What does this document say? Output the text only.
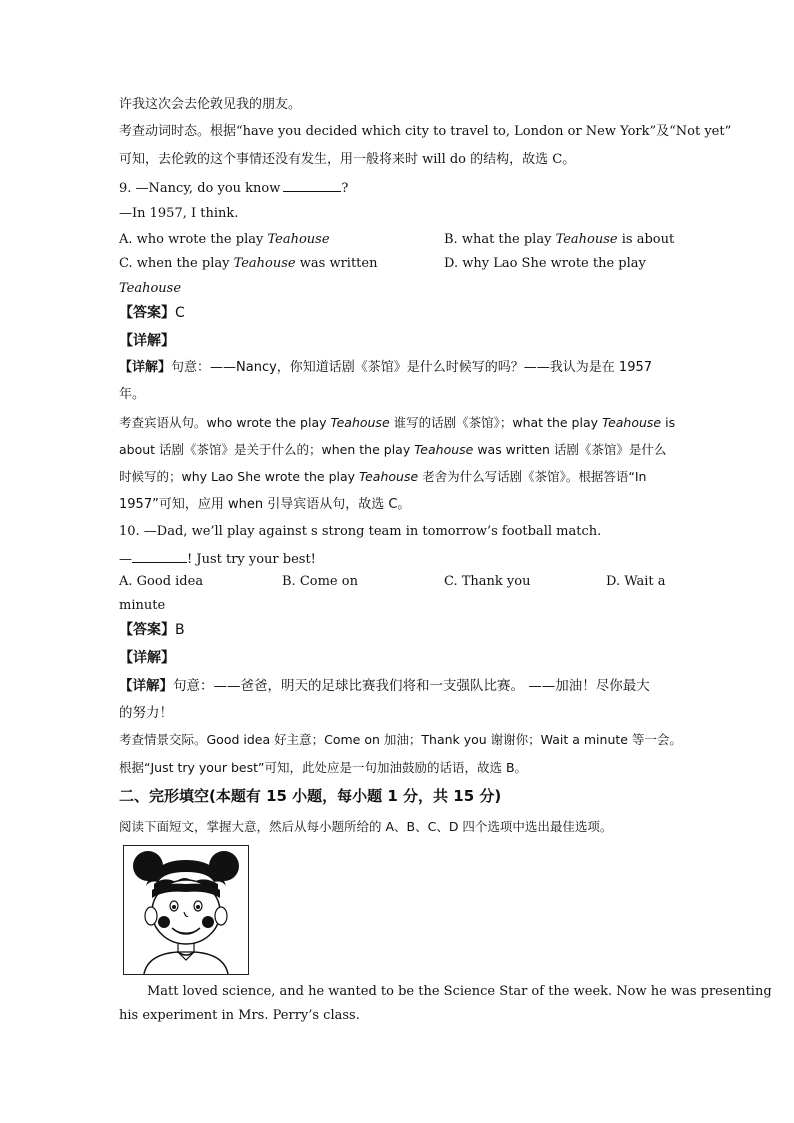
许我这次会去伦敦见我的朋友。
考查动词时态。根据“have you decided which city to travel to, London or New York”及“Not yet”
可知，去伦敦的这个事情还没有发生，用一般将来时 will do 的结构，故选 C。
9. —Nancy, do you know	?
—In 1957, I think.
A. who wrote the play Teahouse	B. what the play Teahouse is about
C. when the play Teahouse was written	D. why Lao She wrote the play
Teahouse
【答案】C
【详解】
【详解】句意：——Nancy，你知道话剧《茶馆》是什么时候写的吗？——我认为是在 1957
年。
考查宾语从句。who wrote the play Teahouse 谁写的话剧《茶馆》；what the play Teahouse is
about 话剧《茶馆》是关于什么的；when the play Teahouse was written 话剧《茶馆》是什么
时候写的；why Lao She wrote the play Teahouse 老舍为什么写话剧《茶馆》。根据答语“In
1957”可知，应用 when 引导宾语从句，故选 C。
10. —Dad, we’ll play against s strong team in tomorrow’s football match.
—	! Just try your best!
A. Good idea	B. Come on	C. Thank you	D. Wait a
minute
【答案】B
【详解】
【详解】句意：——爸爸，明天的足球比赛我们将和一支强队比赛。 ——加油！尽你最大
的努力！
考查情景交际。Good idea 好主意；Come on 加油；Thank you 谢谢你；Wait a minute 等一会。
根据“Just try your best”可知，此处应是一句加油鼓励的话语，故选 B。
二、完形填空(本题有 15 小题，每小题 1 分，共 15 分)
阅读下面短文，掌握大意，然后从每小题所给的 A、B、C、D 四个选项中选出最佳选项。
Matt loved science, and he wanted to be the Science Star of the week. Now he was presenting
his experiment in Mrs. Perry’s class.
